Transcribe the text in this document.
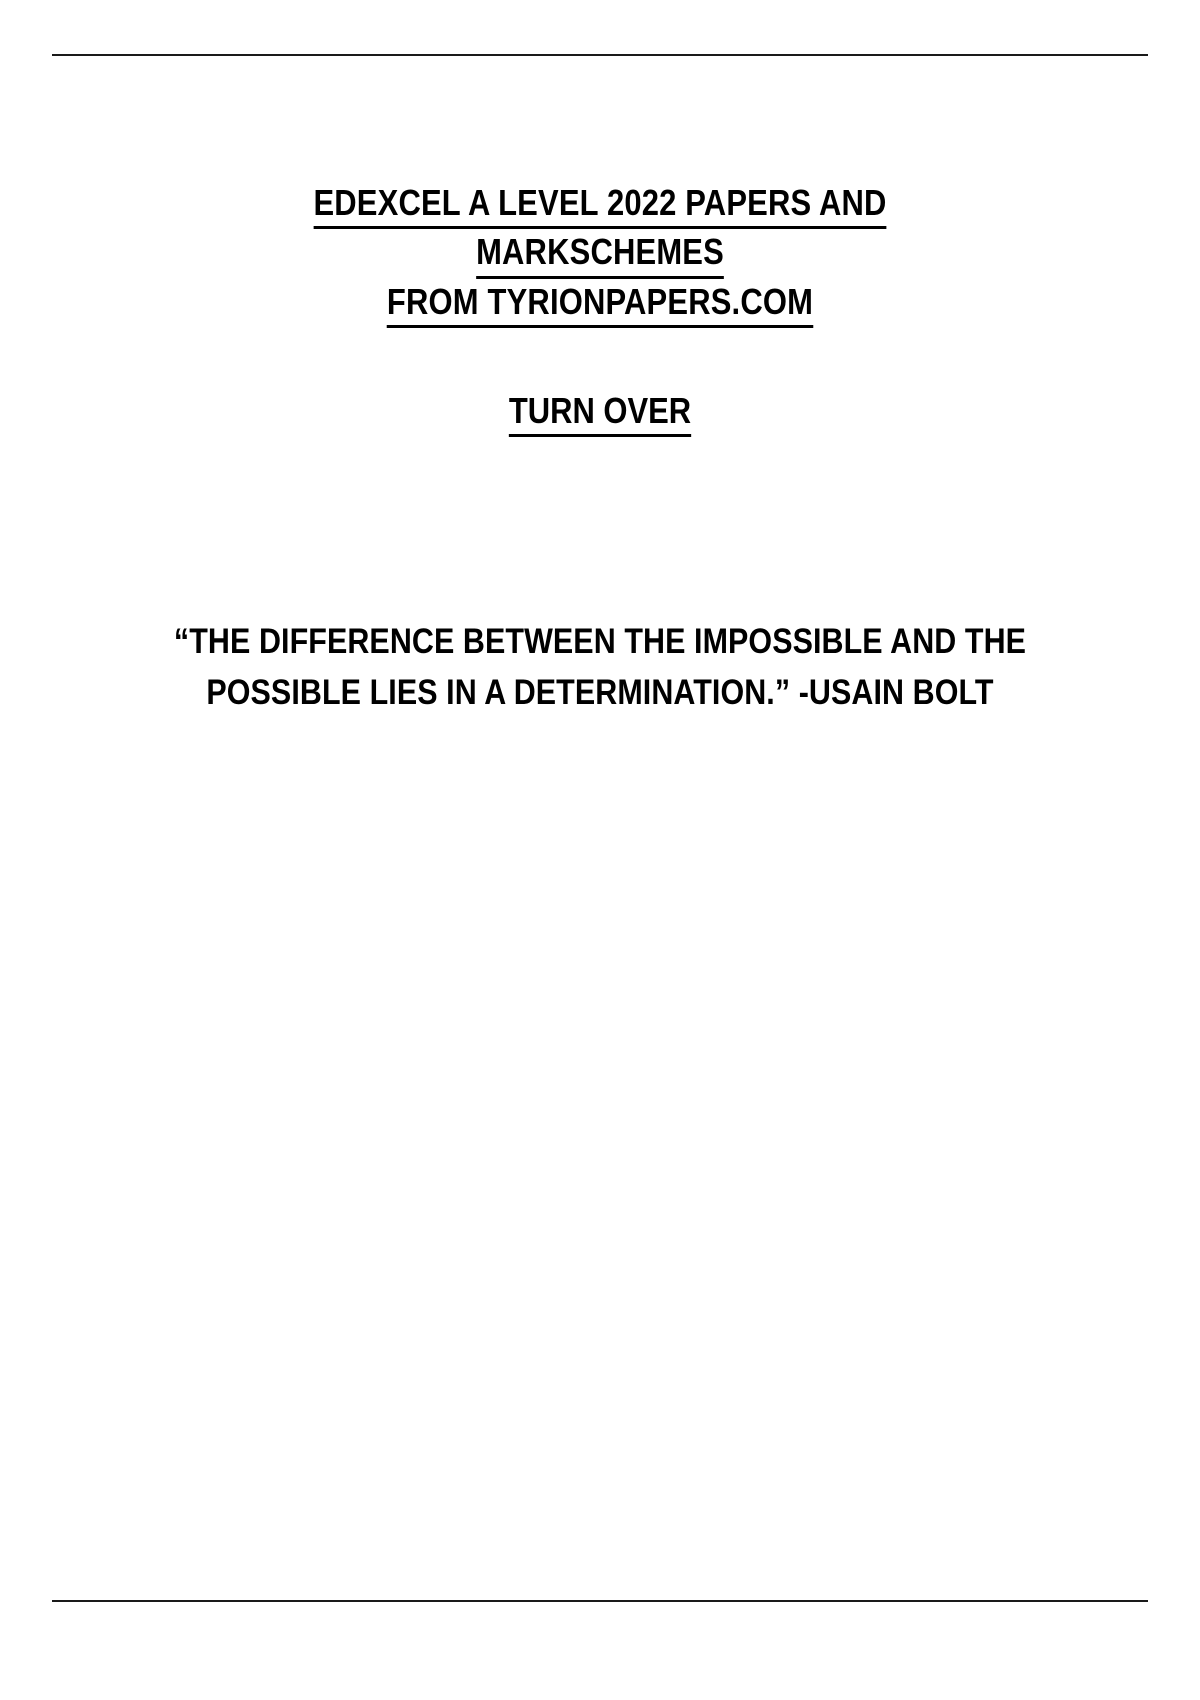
EDEXCEL A LEVEL 2022 PAPERS AND
MARKSCHEMES
FROM TYRIONPAPERS.COM
TURN OVER
“THE DIFFERENCE BETWEEN THE IMPOSSIBLE AND THE
POSSIBLE LIES IN A DETERMINATION.” -USAIN BOLT
